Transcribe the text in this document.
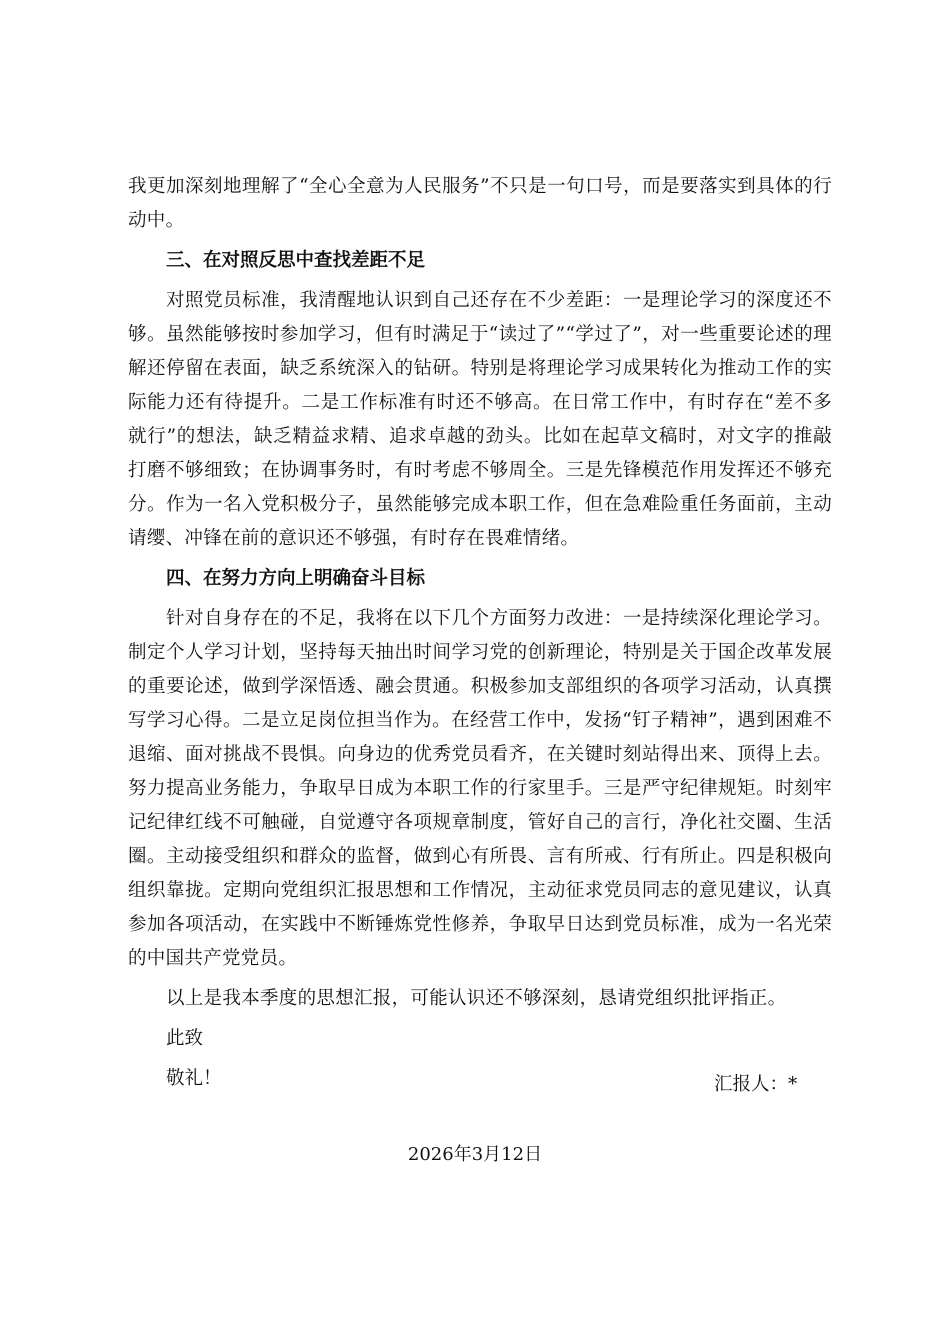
我更加深刻地理解了“全心全意为人民服务”不只是一句口号，而是要落实到具体的行动中。

三、在对照反思中查找差距不足

对照党员标准，我清醒地认识到自己还存在不少差距：一是理论学习的深度还不够。虽然能够按时参加学习，但有时满足于“读过了”“学过了”，对一些重要论述的理解还停留在表面，缺乏系统深入的钻研。特别是将理论学习成果转化为推动工作的实际能力还有待提升。二是工作标准有时还不够高。在日常工作中，有时存在“差不多就行”的想法，缺乏精益求精、追求卓越的劲头。比如在起草文稿时，对文字的推敲打磨不够细致；在协调事务时，有时考虑不够周全。三是先锋模范作用发挥还不够充分。作为一名入党积极分子，虽然能够完成本职工作，但在急难险重任务面前，主动请缨、冲锋在前的意识还不够强，有时存在畏难情绪。

四、在努力方向上明确奋斗目标

针对自身存在的不足，我将在以下几个方面努力改进：一是持续深化理论学习。制定个人学习计划，坚持每天抽出时间学习党的创新理论，特别是关于国企改革发展的重要论述，做到学深悟透、融会贯通。积极参加支部组织的各项学习活动，认真撰写学习心得。二是立足岗位担当作为。在经营工作中，发扬“钉子精神”，遇到困难不退缩、面对挑战不畏惧。向身边的优秀党员看齐，在关键时刻站得出来、顶得上去。努力提高业务能力，争取早日成为本职工作的行家里手。三是严守纪律规矩。时刻牢记纪律红线不可触碰，自觉遵守各项规章制度，管好自己的言行，净化社交圈、生活圈。主动接受组织和群众的监督，做到心有所畏、言有所戒、行有所止。四是积极向组织靠拢。定期向党组织汇报思想和工作情况，主动征求党员同志的意见建议，认真参加各项活动，在实践中不断锤炼党性修养，争取早日达到党员标准，成为一名光荣的中国共产党党员。

以上是我本季度的思想汇报，可能认识还不够深刻，恳请党组织批评指正。

此致

敬礼！	汇报人：*
2026年3月12日
